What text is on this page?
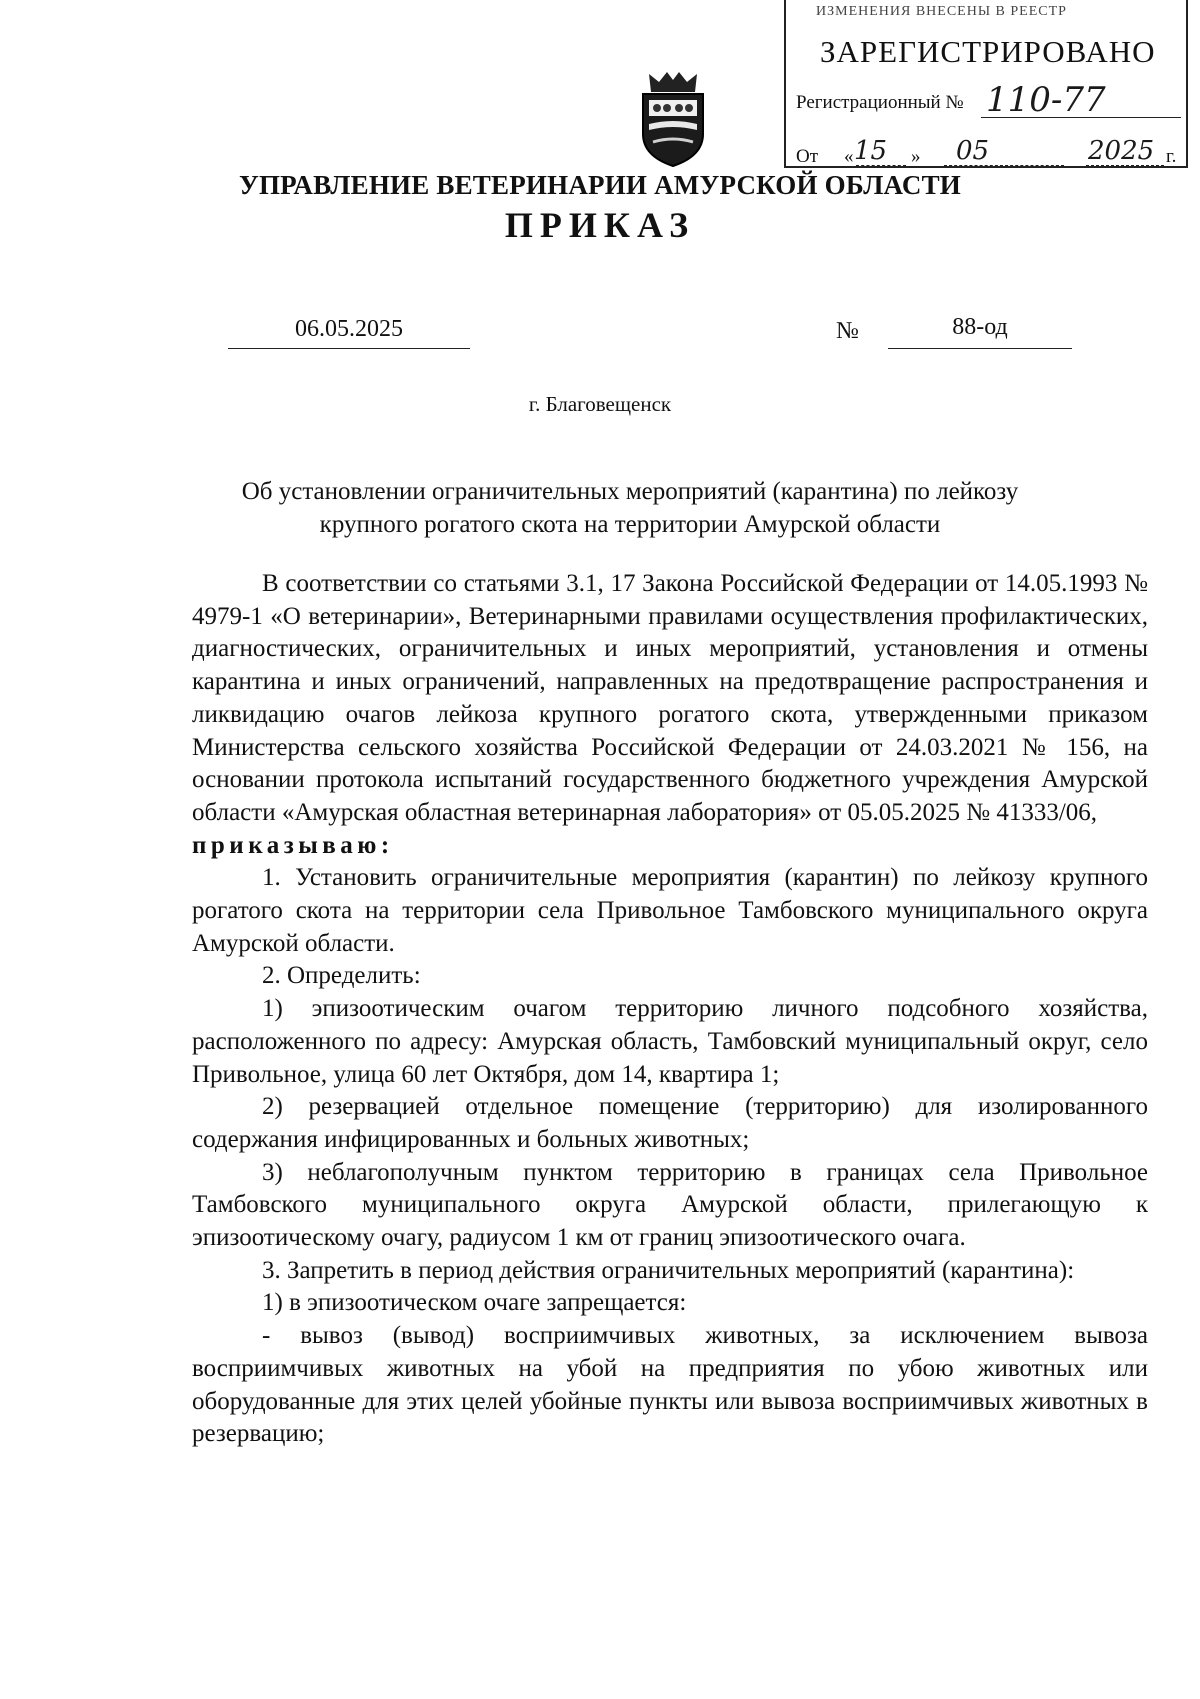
ИЗМЕНЕНИЯ ВНЕСЕНЫ В РЕЕСТР
ЗАРЕГИСТРИРОВАНО
Регистрационный № 110-77
От « 15 » 05	2025 г.
УПРАВЛЕНИЕ ВЕТЕРИНАРИИ АМУРСКОЙ ОБЛАСТИ
ПРИКАЗ
06.05.2025	№	88-од
г. Благовещенск
Об установлении ограничительных мероприятий (карантина) по лейкозу
крупного рогатого скота на территории Амурской области

В соответствии со статьями 3.1, 17 Закона Российской Федерации от 14.05.1993 № 4979-1 «О ветеринарии», Ветеринарными правилами осуществления профилактических, диагностических, ограничительных и иных мероприятий, установления и отмены карантина и иных ограничений, направленных на предотвращение распространения и ликвидацию очагов лейкоза крупного рогатого скота, утвержденными приказом Министерства сельского хозяйства Российской Федерации от 24.03.2021 № 156, на основании протокола испытаний государственного бюджетного учреждения Амурской области «Амурская областная ветеринарная лаборатория» от 05.05.2025 № 41333/06,

приказываю:

1. Установить ограничительные мероприятия (карантин) по лейкозу крупного рогатого скота на территории села Привольное Тамбовского муниципального округа Амурской области.

2. Определить:

1) эпизоотическим очагом территорию личного подсобного хозяйства, расположенного по адресу: Амурская область, Тамбовский муниципальный округ, село Привольное, улица 60 лет Октября, дом 14, квартира 1;

2) резервацией отдельное помещение (территорию) для изолированного содержания инфицированных и больных животных;

3) неблагополучным пунктом территорию в границах села Привольное Тамбовского муниципального округа Амурской области, прилегающую к эпизоотическому очагу, радиусом 1 км от границ эпизоотического очага.

3. Запретить в период действия ограничительных мероприятий (карантина):

1) в эпизоотическом очаге запрещается:

- вывоз (вывод) восприимчивых животных, за исключением вывоза восприимчивых животных на убой на предприятия по убою животных или оборудованные для этих целей убойные пункты или вывоза восприимчивых животных в резервацию;
